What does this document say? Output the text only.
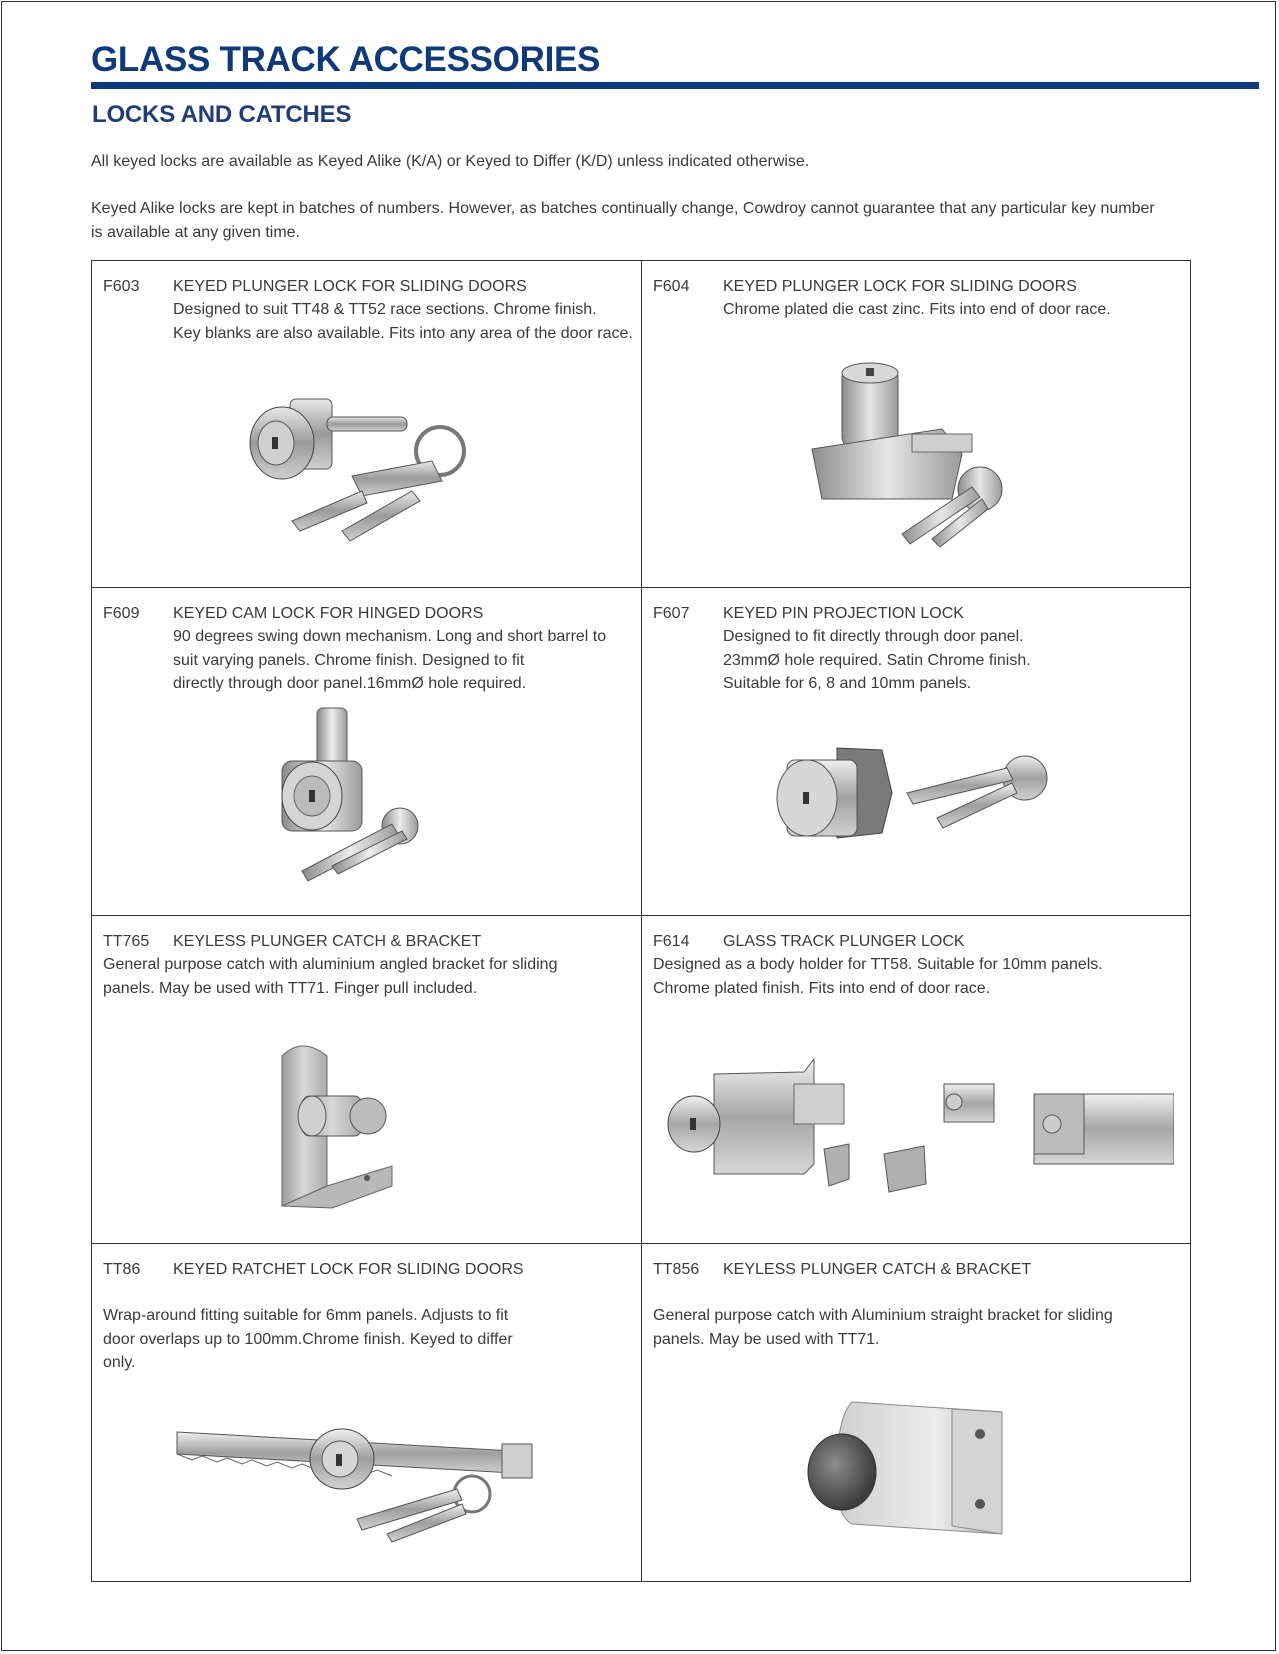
GLASS TRACK ACCESSORIES
LOCKS AND CATCHES

All keyed locks are available as Keyed Alike (K/A) or Keyed to Differ (K/D) unless indicated otherwise.

Keyed Alike locks are kept in batches of numbers. However, as batches continually change, Cowdroy cannot guarantee that any particular key number
is available at any given time.

F603 KEYED PLUNGER LOCK FOR SLIDING DOORS

Designed to suit TT48 & TT52 race sections. Chrome finish.
Key blanks are also available. Fits into any area of the door race.

F604 KEYED PLUNGER LOCK FOR SLIDING DOORS

Chrome plated die cast zinc. Fits into end of door race.

F609 KEYED CAM LOCK FOR HINGED DOORS

90 degrees swing down mechanism. Long and short barrel to
suit varying panels. Chrome finish. Designed to fit
directly through door panel.16mmØ hole required.

F607 KEYED PIN PROJECTION LOCK

Designed to fit directly through door panel.
23mmØ hole required. Satin Chrome finish.
Suitable for 6, 8 and 10mm panels.

TT765 KEYLESS PLUNGER CATCH & BRACKET

General purpose catch with aluminium angled bracket for sliding
panels. May be used with TT71. Finger pull included.

F614 GLASS TRACK PLUNGER LOCK

Designed as a body holder for TT58. Suitable for 10mm panels.
Chrome plated finish. Fits into end of door race.

TT86 KEYED RATCHET LOCK FOR SLIDING DOORS

Wrap-around fitting suitable for 6mm panels. Adjusts to fit
door overlaps up to 100mm.Chrome finish. Keyed to differ
only.

TT856 KEYLESS PLUNGER CATCH & BRACKET

General purpose catch with Aluminium straight bracket for sliding
panels. May be used with TT71.
